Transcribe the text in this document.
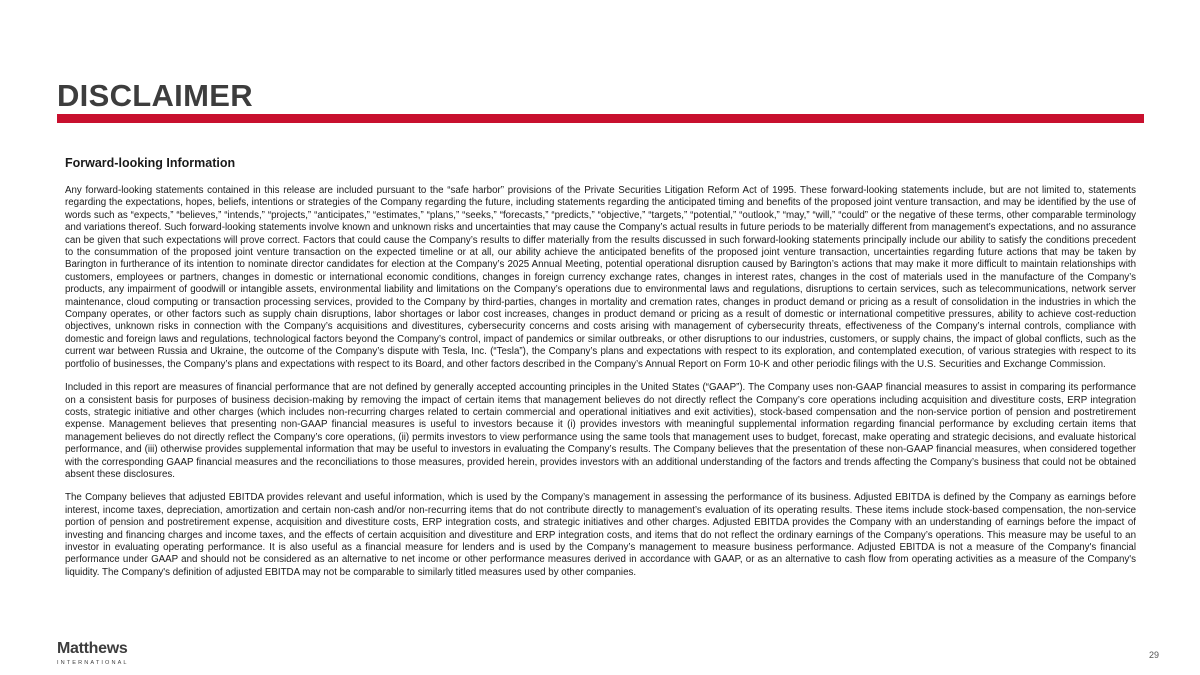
DISCLAIMER
Forward-looking Information

Any forward-looking statements contained in this release are included pursuant to the “safe harbor” provisions of the Private Securities Litigation Reform Act of 1995. These forward-looking statements include, but are not limited to, statements regarding the expectations, hopes, beliefs, intentions or strategies of the Company regarding the future, including statements regarding the anticipated timing and benefits of the proposed joint venture transaction, and may be identified by the use of words such as “expects,” “believes,” “intends,” “projects,” “anticipates,” “estimates,” “plans,” “seeks,” “forecasts,” “predicts,” “objective,” “targets,” “potential,” “outlook,” “may,” “will,” “could” or the negative of these terms, other comparable terminology and variations thereof. Such forward-looking statements involve known and unknown risks and uncertainties that may cause the Company’s actual results in future periods to be materially different from management’s expectations, and no assurance can be given that such expectations will prove correct. Factors that could cause the Company’s results to differ materially from the results discussed in such forward-looking statements principally include our ability to satisfy the conditions precedent to the consummation of the proposed joint venture transaction on the expected timeline or at all, our ability achieve the anticipated benefits of the proposed joint venture transaction, uncertainties regarding future actions that may be taken by Barington in furtherance of its intention to nominate director candidates for election at the Company’s 2025 Annual Meeting, potential operational disruption caused by Barington’s actions that may make it more difficult to maintain relationships with customers, employees or partners, changes in domestic or international economic conditions, changes in foreign currency exchange rates, changes in interest rates, changes in the cost of materials used in the manufacture of the Company’s products, any impairment of goodwill or intangible assets, environmental liability and limitations on the Company’s operations due to environmental laws and regulations, disruptions to certain services, such as telecommunications, network server maintenance, cloud computing or transaction processing services, provided to the Company by third-parties, changes in mortality and cremation rates, changes in product demand or pricing as a result of consolidation in the industries in which the Company operates, or other factors such as supply chain disruptions, labor shortages or labor cost increases, changes in product demand or pricing as a result of domestic or international competitive pressures, ability to achieve cost-reduction objectives, unknown risks in connection with the Company’s acquisitions and divestitures, cybersecurity concerns and costs arising with management of cybersecurity threats, effectiveness of the Company’s internal controls, compliance with domestic and foreign laws and regulations, technological factors beyond the Company’s control, impact of pandemics or similar outbreaks, or other disruptions to our industries, customers, or supply chains, the impact of global conflicts, such as the current war between Russia and Ukraine, the outcome of the Company’s dispute with Tesla, Inc. (“Tesla”), the Company’s plans and expectations with respect to its exploration, and contemplated execution, of various strategies with respect to its portfolio of businesses, the Company’s plans and expectations with respect to its Board, and other factors described in the Company’s Annual Report on Form 10-K and other periodic filings with the U.S. Securities and Exchange Commission.

Included in this report are measures of financial performance that are not defined by generally accepted accounting principles in the United States (“GAAP”). The Company uses non-GAAP financial measures to assist in comparing its performance on a consistent basis for purposes of business decision-making by removing the impact of certain items that management believes do not directly reflect the Company’s core operations including acquisition and divestiture costs, ERP integration costs, strategic initiative and other charges (which includes non-recurring charges related to certain commercial and operational initiatives and exit activities), stock-based compensation and the non-service portion of pension and postretirement expense. Management believes that presenting non-GAAP financial measures is useful to investors because it (i) provides investors with meaningful supplemental information regarding financial performance by excluding certain items that management believes do not directly reflect the Company’s core operations, (ii) permits investors to view performance using the same tools that management uses to budget, forecast, make operating and strategic decisions, and evaluate historical performance, and (iii) otherwise provides supplemental information that may be useful to investors in evaluating the Company’s results. The Company believes that the presentation of these non-GAAP financial measures, when considered together with the corresponding GAAP financial measures and the reconciliations to those measures, provided herein, provides investors with an additional understanding of the factors and trends affecting the Company’s business that could not be obtained absent these disclosures.

The Company believes that adjusted EBITDA provides relevant and useful information, which is used by the Company’s management in assessing the performance of its business. Adjusted EBITDA is defined by the Company as earnings before interest, income taxes, depreciation, amortization and certain non-cash and/or non-recurring items that do not contribute directly to management’s evaluation of its operating results. These items include stock-based compensation, the non-service portion of pension and postretirement expense, acquisition and divestiture costs, ERP integration costs, and strategic initiatives and other charges. Adjusted EBITDA provides the Company with an understanding of earnings before the impact of investing and financing charges and income taxes, and the effects of certain acquisition and divestiture and ERP integration costs, and items that do not reflect the ordinary earnings of the Company’s operations. This measure may be useful to an investor in evaluating operating performance. It is also useful as a financial measure for lenders and is used by the Company’s management to measure business performance. Adjusted EBITDA is not a measure of the Company's financial performance under GAAP and should not be considered as an alternative to net income or other performance measures derived in accordance with GAAP, or as an alternative to cash flow from operating activities as a measure of the Company's liquidity. The Company's definition of adjusted EBITDA may not be comparable to similarly titled measures used by other companies.

Matthews
INTERNATIONAL
29
